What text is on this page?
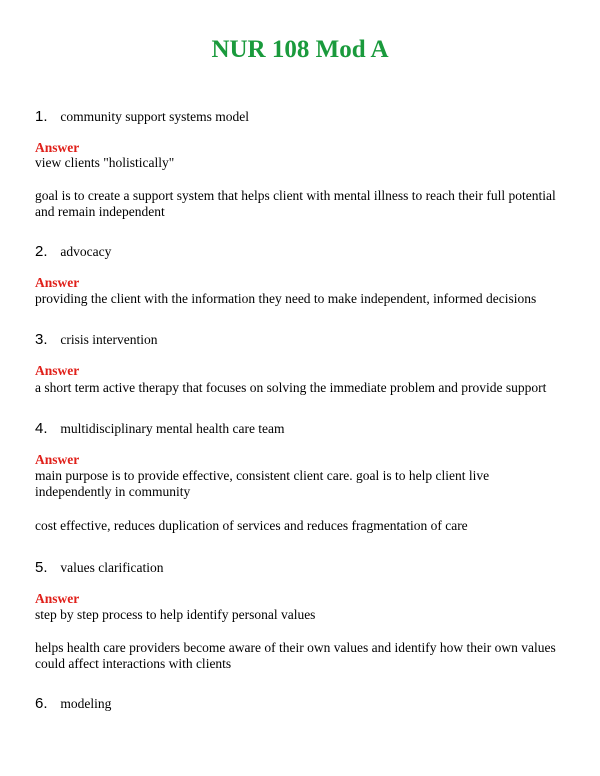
NUR 108 Mod A
1. community support systems model
Answer
view clients "holistically"
goal is to create a support system that helps client with mental illness to reach their full potential and remain independent
2. advocacy
Answer
providing the client with the information they need to make independent, informed decisions
3. crisis intervention
Answer
a short term active therapy that focuses on solving the immediate problem and provide support
4. multidisciplinary mental health care team
Answer
main purpose is to provide effective, consistent client care. goal is to help client live independently in community
cost effective, reduces duplication of services and reduces fragmentation of care
5. values clarification
Answer
step by step process to help identify personal values
helps health care providers become aware of their own values and identify how their own values could affect interactions with clients
6. modeling
